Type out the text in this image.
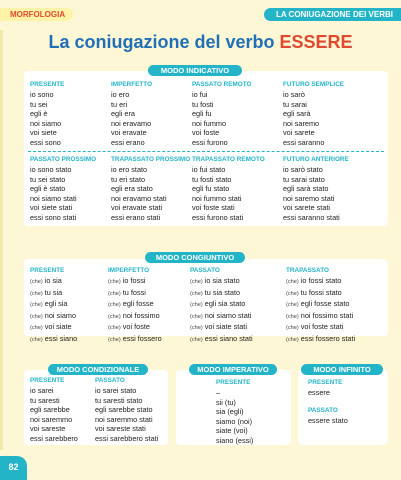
MORFOLOGIA	LA CONIUGAZIONE DEI VERBI
La coniugazione del verbo ESSERE
MODO INDICATIVO
PRESENTE
io sono
tu sei
egli è
noi siamo
voi siete
essi sono
IMPERFETTO
io ero
tu eri
egli era
noi eravamo
voi eravate
essi erano
PASSATO REMOTO
io fui
tu fosti
egli fu
noi fummo
voi foste
essi furono
FUTURO SEMPLICE
io sarò
tu sarai
egli sarà
noi saremo
voi sarete
essi saranno
PASSATO PROSSIMO
io sono stato
tu sei stato
egli è stato
noi siamo stati
voi siete stati
essi sono stati
TRAPASSATO PROSSIMO
io ero stato
tu eri stato
egli era stato
noi eravamo stati
voi eravate stati
essi erano stati
TRAPASSATO REMOTO
io fui stato
tu fosti stato
egli fu stato
noi fummo stati
voi foste stati
essi furono stati
FUTURO ANTERIORE
io sarò stato
tu sarai stato
egli sarà stato
noi saremo stati
voi sarete stati
essi saranno stati
MODO CONGIUNTIVO
PRESENTE
(che) io sia
(che) tu sia
(che) egli sia
(che) noi siamo
(che) voi siate
(che) essi siano
IMPERFETTO
(che) io fossi
(che) tu fossi
(che) egli fosse
(che) noi fossimo
(che) voi foste
(che) essi fossero
PASSATO
(che) io sia stato
(che) tu sia stato
(che) egli sia stato
(che) noi siamo stati
(che) voi siate stati
(che) essi siano stati
TRAPASSATO
(che) io fossi stato
(che) tu fossi stato
(che) egli fosse stato
(che) noi fossimo stati
(che) voi foste stati
(che) essi fossero stati
MODO CONDIZIONALE
PRESENTE
io sarei
tu saresti
egli sarebbe
noi saremmo
voi sareste
essi sarebbero
PASSATO
io sarei stato
tu saresti stato
egli sarebbe stato
noi saremmo stati
voi sareste stati
essi sarebbero stati
MODO IMPERATIVO
PRESENTE
–
sii (tu)
sia (egli)
siamo (noi)
siate (voi)
siano (essi)
MODO INFINITO
PRESENTE
essere
PASSATO
essere stato
82
